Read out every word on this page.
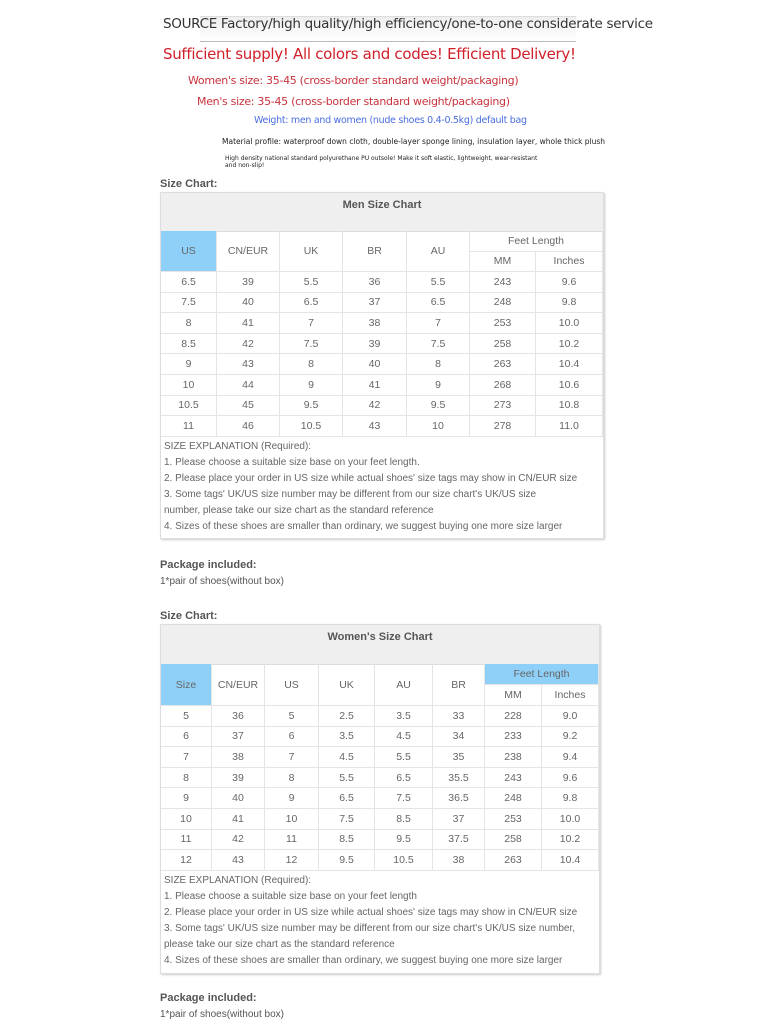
SOURCE Factory/high quality/high efficiency/one-to-one considerate service
Sufficient supply! All colors and codes! Efficient Delivery!
Women's size: 35-45 (cross-border standard weight/packaging)
Men's size: 35-45 (cross-border standard weight/packaging)
Weight: men and women (nude shoes 0.4-0.5kg) default bag
Material profile: waterproof down cloth, double-layer sponge lining, insulation layer, whole thick plush
High density national standard polyurethane PU outsole! Make it soft elastic, lightweight, wear-resistant
and non-slip!
Size Chart:
Men Size Chart
US	CN/EUR	UK	BR	AU
MM	Inches
Feet Length
6.5	39	5.5	36	5.5	243	9.6
7.5	40	6.5	37	6.5	248	9.8
8	41	7	38	7	253	10.0
8.5	42	7.5	39	7.5	258	10.2
9	43	8	40	8	263	10.4
10	44	9	41	9	268	10.6
10.5	45	9.5	42	9.5	273	10.8
11	46	10.5	43	10	278	11.0
SIZE EXPLANATION (Required):
1. Please choose a suitable size base on your feet length.
2. Please place your order in US size while actual shoes' size tags may show in CN/EUR size
3. Some tags' UK/US size number may be different from our size chart's UK/US size
number, please take our size chart as the standard reference
4. Sizes of these shoes are smaller than ordinary, we suggest buying one more size larger
Package included:
1*pair of shoes(without box)
Size Chart:
Women's Size Chart
Size	CN/EUR	US	UK	AU	BR
MM	Inches
Feet Length
5	36	5	2.5	3.5	33	228	9.0
6	37	6	3.5	4.5	34	233	9.2
7	38	7	4.5	5.5	35	238	9.4
8	39	8	5.5	6.5	35.5	243	9.6
9	40	9	6.5	7.5	36.5	248	9.8
10	41	10	7.5	8.5	37	253	10.0
11	42	11	8.5	9.5	37.5	258	10.2
12	43	12	9.5	10.5	38	263	10.4
SIZE EXPLANATION (Required):
1. Please choose a suitable size base on your feet length
2. Please place your order in US size while actual shoes' size tags may show in CN/EUR size
3. Some tags' UK/US size number may be different from our size chart's UK/US size number,
please take our size chart as the standard reference
4. Sizes of these shoes are smaller than ordinary, we suggest buying one more size larger
Package included:
1*pair of shoes(without box)
